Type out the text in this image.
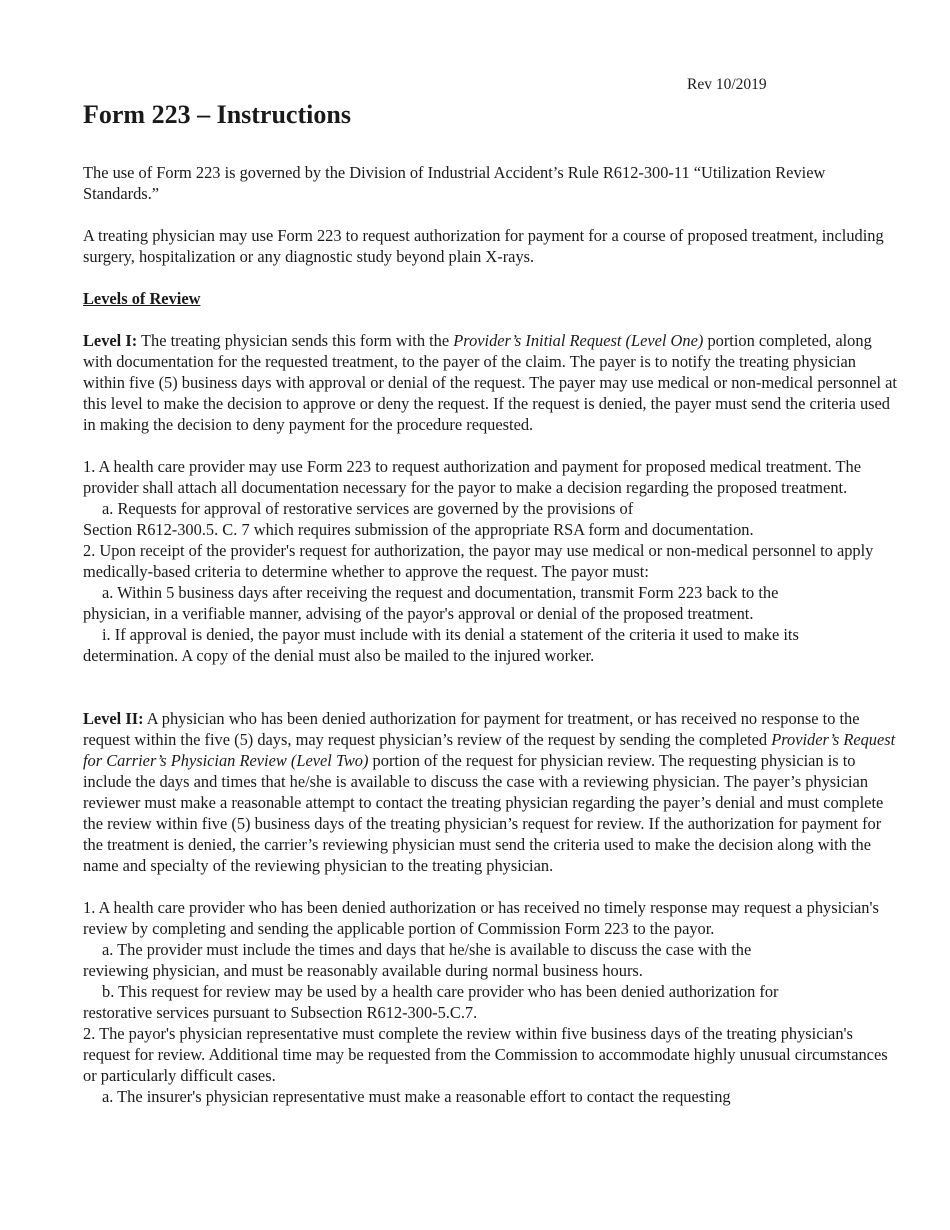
Rev 10/2019
Form 223 – Instructions

The use of Form 223 is governed by the Division of Industrial Accident’s Rule R612-300-11 “Utilization Review Standards.”

A treating physician may use Form 223 to request authorization for payment for a course of proposed treatment, including surgery, hospitalization or any diagnostic study beyond plain X-rays.

Levels of Review

Level I: The treating physician sends this form with the Provider’s Initial Request (Level One) portion completed, along with documentation for the requested treatment, to the payer of the claim. The payer is to notify the treating physician within five (5) business days with approval or denial of the request. The payer may use medical or non-medical personnel at this level to make the decision to approve or deny the request. If the request is denied, the payer must send the criteria used in making the decision to deny payment for the procedure requested.

1. A health care provider may use Form 223 to request authorization and payment for proposed medical treatment. The provider shall attach all documentation necessary for the payor to make a decision regarding the proposed treatment.

a. Requests for approval of restorative services are governed by the provisions of

Section R612-300.5. C. 7 which requires submission of the appropriate RSA form and documentation.

2. Upon receipt of the provider's request for authorization, the payor may use medical or non-medical personnel to apply medically-based criteria to determine whether to approve the request. The payor must:

a. Within 5 business days after receiving the request and documentation, transmit Form 223 back to the

physician, in a verifiable manner, advising of the payor's approval or denial of the proposed treatment.

i. If approval is denied, the payor must include with its denial a statement of the criteria it used to make its

determination. A copy of the denial must also be mailed to the injured worker.

Level II: A physician who has been denied authorization for payment for treatment, or has received no response to the request within the five (5) days, may request physician’s review of the request by sending the completed Provider’s Request for Carrier’s Physician Review (Level Two) portion of the request for physician review. The requesting physician is to include the days and times that he/she is available to discuss the case with a reviewing physician. The payer’s physician reviewer must make a reasonable attempt to contact the treating physician regarding the payer’s denial and must complete the review within five (5) business days of the treating physician’s request for review. If the authorization for payment for the treatment is denied, the carrier’s reviewing physician must send the criteria used to make the decision along with the name and specialty of the reviewing physician to the treating physician.

1. A health care provider who has been denied authorization or has received no timely response may request a physician's review by completing and sending the applicable portion of Commission Form 223 to the payor.

a. The provider must include the times and days that he/she is available to discuss the case with the

reviewing physician, and must be reasonably available during normal business hours.

b. This request for review may be used by a health care provider who has been denied authorization for

restorative services pursuant to Subsection R612-300-5.C.7.

2. The payor's physician representative must complete the review within five business days of the treating physician's request for review. Additional time may be requested from the Commission to accommodate highly unusual circumstances or particularly difficult cases.

a. The insurer's physician representative must make a reasonable effort to contact the requesting
